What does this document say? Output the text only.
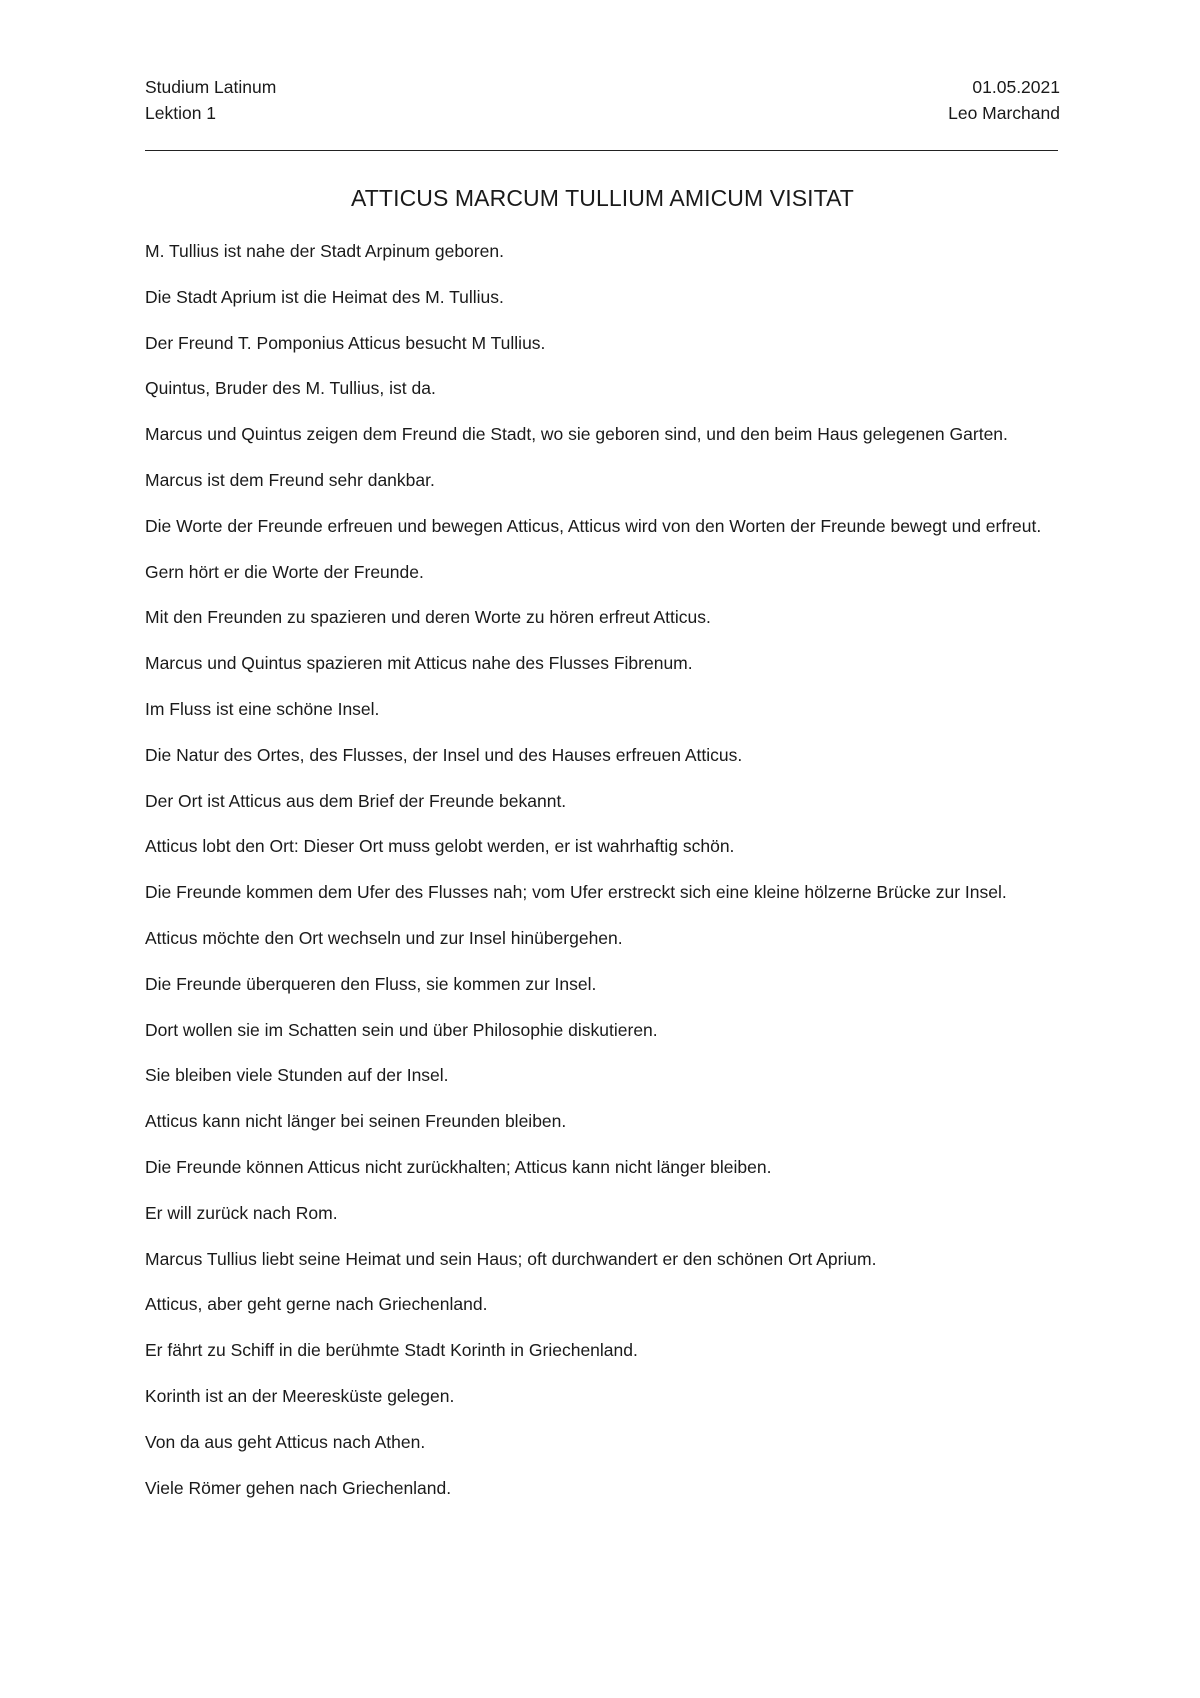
Studium Latinum
Lektion 1
01.05.2021
Leo Marchand
ATTICUS MARCUM TULLIUM AMICUM VISITAT

M. Tullius ist nahe der Stadt Arpinum geboren.

Die Stadt Aprium ist die Heimat des M. Tullius.

Der Freund T. Pomponius Atticus besucht M Tullius.

Quintus, Bruder des M. Tullius, ist da.

Marcus und Quintus zeigen dem Freund die Stadt, wo sie geboren sind, und den beim Haus gelegenen Garten.

Marcus ist dem Freund sehr dankbar.

Die Worte der Freunde erfreuen und bewegen Atticus, Atticus wird von den Worten der Freunde bewegt und erfreut.

Gern hört er die Worte der Freunde.

Mit den Freunden zu spazieren und deren Worte zu hören erfreut Atticus.

Marcus und Quintus spazieren mit Atticus nahe des Flusses Fibrenum.

Im Fluss ist eine schöne Insel.

Die Natur des Ortes, des Flusses, der Insel und des Hauses erfreuen Atticus.

Der Ort ist Atticus aus dem Brief der Freunde bekannt.

Atticus lobt den Ort: Dieser Ort muss gelobt werden, er ist wahrhaftig schön.

Die Freunde kommen dem Ufer des Flusses nah; vom Ufer erstreckt sich eine kleine hölzerne Brücke zur Insel.

Atticus möchte den Ort wechseln und zur Insel hinübergehen.

Die Freunde überqueren den Fluss, sie kommen zur Insel.

Dort wollen sie im Schatten sein und über Philosophie diskutieren.

Sie bleiben viele Stunden auf der Insel.

Atticus kann nicht länger bei seinen Freunden bleiben.

Die Freunde können Atticus nicht zurückhalten; Atticus kann nicht länger bleiben.

Er will zurück nach Rom.

Marcus Tullius liebt seine Heimat und sein Haus; oft durchwandert er den schönen Ort Aprium.

Atticus, aber geht gerne nach Griechenland.

Er fährt zu Schiff in die berühmte Stadt Korinth in Griechenland.

Korinth ist an der Meeresküste gelegen.

Von da aus geht Atticus nach Athen.

Viele Römer gehen nach Griechenland.
